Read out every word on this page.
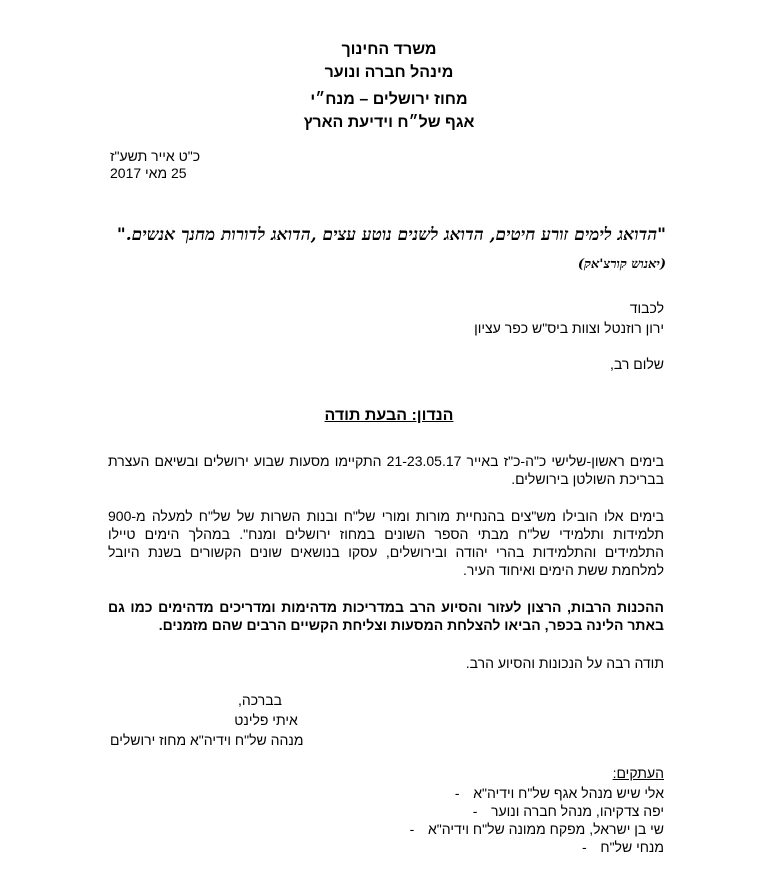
משרד החינוך
מינהל חברה ונוער
מחוז ירושלים – מנח״י
אגף של״ח וידיעת הארץ
כ"ט אייר תשע"ז
25 מאי 2017
"הדואג לימים זורע חיטים, הדואג לשנים נוטע עצים ,הדואג לדורות מחנך אנשים."
(יאנוש קורצ'אק)
לכבוד
ירון רוזנטל וצוות ביס"ש כפר עציון
שלום רב,
הנדון: הבעת תודה
בימים ראשון-שלישי כ"ה-כ"ז באייר 21-23.05.17 התקיימו מסעות שבוע ירושלים ובשיאם העצרת בבריכת השולטן בירושלים.
בימים אלו הובילו מש"צים בהנחיית מורות ומורי של"ח ובנות השרות של של"ח למעלה מ-900 תלמידות ותלמידי של"ח מבתי הספר השונים במחוז ירושלים ומנח". במהלך הימים טיילו התלמידים והתלמידות בהרי יהודה ובירושלים, עסקו בנושאים שונים הקשורים בשנת היובל למלחמת ששת הימים ואיחוד העיר.
ההכנות הרבות, הרצון לעזור והסיוע הרב במדריכות מדהימות ומדריכים מדהימים כמו גם באתר הלינה בכפר, הביאו להצלחת המסעות וצליחת הקשיים הרבים שהם מזמנים.
תודה רבה על הנכונות והסיוע הרב.
בברכה,
איתי פלינט
מנהה של"ח וידיה"א מחוז ירושלים
העתקים:
אלי שיש מנהל אגף של"ח וידיה"א
-
יפה צדקיהו, מנהל חברה ונוער
-
שי בן ישראל, מפקח ממונה של"ח וידיה"א
-
מנחי של"ח
-
